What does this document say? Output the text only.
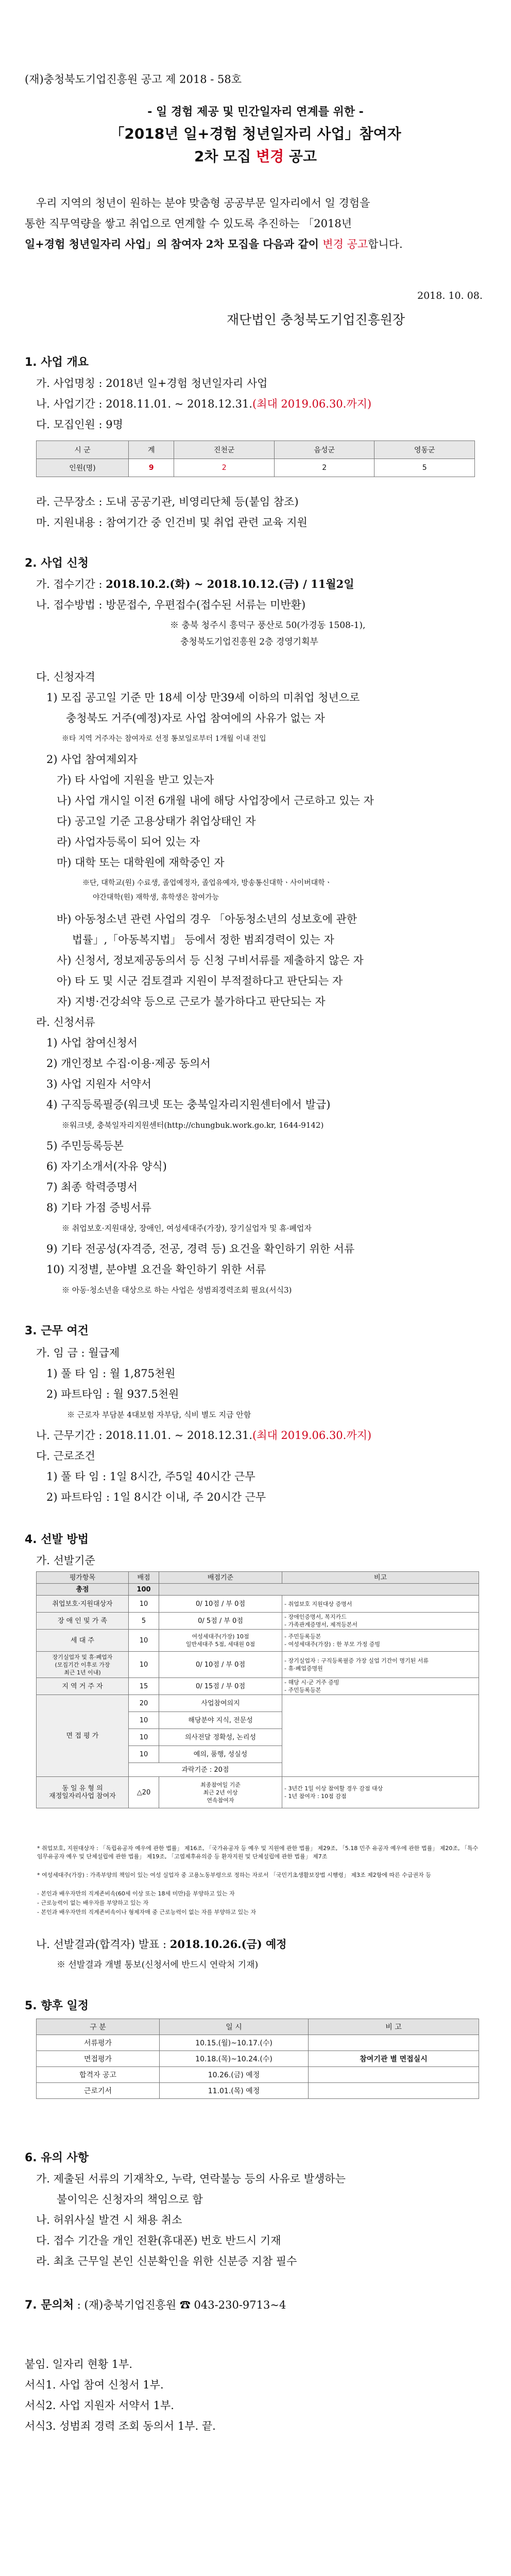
(재)충청북도기업진흥원 공고 제 2018 - 58호
- 일 경험 제공 및 민간일자리 연계를 위한 -
「2018년 일+경험 청년일자리 사업」참여자
2차 모집 변경 공고
우리 지역의 청년이 원하는 분야 맞춤형 공공부문 일자리에서 일 경험을
통한 직무역량을 쌓고 취업으로 연계할 수 있도록 추진하는 「2018년
일+경험 청년일자리 사업」의 참여자 2차 모집을 다음과 같이 변경 공고합니다.
2018. 10. 08.
재단법인 충청북도기업진흥원장
1. 사업 개요
가. 사업명칭 : 2018년 일+경험 청년일자리 사업
나. 사업기간 : 2018.11.01. ~ 2018.12.31.(최대 2019.06.30.까지)
다. 모집인원 : 9명
시 군	계	진천군	음성군	영동군
인원(명)	9	2	2	5
라. 근무장소 : 도내 공공기관, 비영리단체 등(붙임 참조)
마. 지원내용 : 참여기간 중 인건비 및 취업 관련 교육 지원
2. 사업 신청
가. 접수기간 : 2018.10.2.(화) ~ 2018.10.12.(금) / 11월2일
나. 접수방법 : 방문접수, 우편접수(접수된 서류는 미반환)
※ 충북 청주시 흥덕구 풍산로 50(가경동 1508-1),
충청북도기업진흥원 2층 경영기획부
다. 신청자격
1) 모집 공고일 기준 만 18세 이상 만39세 이하의 미취업 청년으로
충청북도 거주(예정)자로 사업 참여에의 사유가 없는 자
※타 지역 거주자는 참여자로 선정 통보일로부터 1개월 이내 전입
2) 사업 참여제외자
가) 타 사업에 지원을 받고 있는자
나) 사업 개시일 이전 6개월 내에 해당 사업장에서 근로하고 있는 자
다) 공고일 기준 고용상태가 취업상태인 자
라) 사업자등록이 되어 있는 자
마) 대학 또는 대학원에 재학중인 자
※단, 대학교(원) 수료생, 졸업예정자, 졸업유예자, 방송통신대학ㆍ사이버대학ㆍ
야간대학(원) 재학생, 휴학생은 참여가능
바) 아동청소년 관련 사업의 경우 「아동청소년의 성보호에 관한
법률」,「아동복지법」 등에서 정한 범죄경력이 있는 자
사) 신청서, 정보제공동의서 등 신청 구비서류를 제출하지 않은 자
아) 타 도 및 시군 검토결과 지원이 부적절하다고 판단되는 자
자) 지병·건강쇠약 등으로 근로가 불가하다고 판단되는 자
라. 신청서류
1) 사업 참여신청서
2) 개인정보 수집·이용·제공 동의서
3) 사업 지원자 서약서
4) 구직등록필증(워크넷 또는 충북일자리지원센터에서 발급)
※워크넷, 충북일자리지원센터(http://chungbuk.work.go.kr, 1644-9142)
5) 주민등록등본
6) 자기소개서(자유 양식)
7) 최종 학력증명서
8) 기타 가점 증빙서류
※ 취업보호·지원대상, 장애인, 여성세대주(가장), 장기실업자 및 휴·폐업자
9) 기타 전공성(자격증, 전공, 경력 등) 요건을 확인하기 위한 서류
10) 지정별, 분야별 요건을 확인하기 위한 서류
※ 아동·청소년을 대상으로 하는 사업은 성범죄경력조회 필요(서식3)
3. 근무 여건
가. 임 금 : 월급제
1) 풀 타 임 : 월 1,875천원
2) 파트타임 : 월 937.5천원
※ 근로자 부담분 4대보험 자부담, 식비 별도 지급 안함
나. 근무기간 : 2018.11.01. ~ 2018.12.31.(최대 2019.06.30.까지)
다. 근로조건
1) 풀 타 임 : 1일 8시간, 주5일 40시간 근무
2) 파트타임 : 1일 8시간 이내, 주 20시간 근무
4. 선발 방법
가. 선발기준
평가항목	배점	배점기준	비고
총점	100		
취업보호·지원대상자	10	0/ 10점 / 부 0점	- 취업보호 지원대상 증명서
장 애 인 및 가 족	5	0/ 5점 / 부 0점	- 장애인증명서, 복지카드
- 가족관계증명서, 제적등본서
세 대 주	10	여성세대주(가장) 10점
일반세대주 5점, 세대원 0점	- 주민등록등본
- 여성세대주(가장) : 한 부모 가정 증빙
장기실업자 및 휴·폐업자
(모집기간 이후로 가장
최근 1년 이내)	10	0/ 10점 / 부 0점	- 장기실업자 : 구직등록필증 가장 실업 기간이 명기된 서류
- 휴·폐업증명원
지 역 거 주 자	15	0/ 15점 / 부 0점	- 해당 시·군 거주 증빙
- 주민등록등본
면 접 평 가	20	사업참여의지	
	10	해당분야 지식, 전문성	
	10	의사전달 정확성, 논리성	
	10	예의, 품행, 성실성	
	과락기준 : 20점		
동 일 유 형 의
재정일자리사업 참여자	△20	최종참여일 기준
최근 2년 이상
연속참여자	- 3년간 1일 이상 참여할 경우 감점 대상
- 1년 참여자 : 10점 감점
* 취업보호, 지원대상자 : 「독립유공자 예우에 관한 법률」 제16조, 「국가유공자 등 예우 및 지원에 관한 법률」 제29조, 「5.18 민주 유공자 예우에 관한 법률」 제20조, 「특수임무유공자 예우 및 단체설립에 관한 법률」 제19조, 「고엽제후유의증 등 환자지원 및 단체설립에 관한 법률」 제7조
* 여성세대주(가장) : 가족부양의 책임이 있는 여성 실업자 중 고용노동부령으로 정하는 자로서 「국민기초생활보장법 시행령」 제3조 제2항에 따른 수급권자 등
- 본인과 배우자만의 직계존비속(60세 이상 또는 18세 미만)을 부양하고 있는 자
- 근로능력이 없는 배우자를 부양하고 있는 자
- 본인과 배우자만의 직계존비속이나 형제자매 중 근로능력이 없는 자를 부양하고 있는 자
나. 선발결과(합격자) 발표 : 2018.10.26.(금) 예정
※ 선발결과 개별 통보(신청서에 반드시 연락처 기재)
5. 향후 일정
구 분	일 시	비 고
서류평가	10.15.(월)~10.17.(수)	
면접평가	10.18.(목)~10.24.(수)	참여기관 별 면접실시
합격자 공고	10.26.(금) 예정	
근로기서	11.01.(목) 예정	
6. 유의 사항
가. 제출된 서류의 기재착오, 누락, 연락불능 등의 사유로 발생하는
불이익은 신청자의 책임으로 함
나. 허위사실 발견 시 채용 취소
다. 접수 기간을 개인 전환(휴대폰) 번호 반드시 기재
라. 최초 근무일 본인 신분확인을 위한 신분증 지참 필수
7. 문의처 : (재)충북기업진흥원 ☎ 043-230-9713~4
붙임. 일자리 현황 1부.
서식1. 사업 참여 신청서 1부.
서식2. 사업 지원자 서약서 1부.
서식3. 성범죄 경력 조회 동의서 1부. 끝.
